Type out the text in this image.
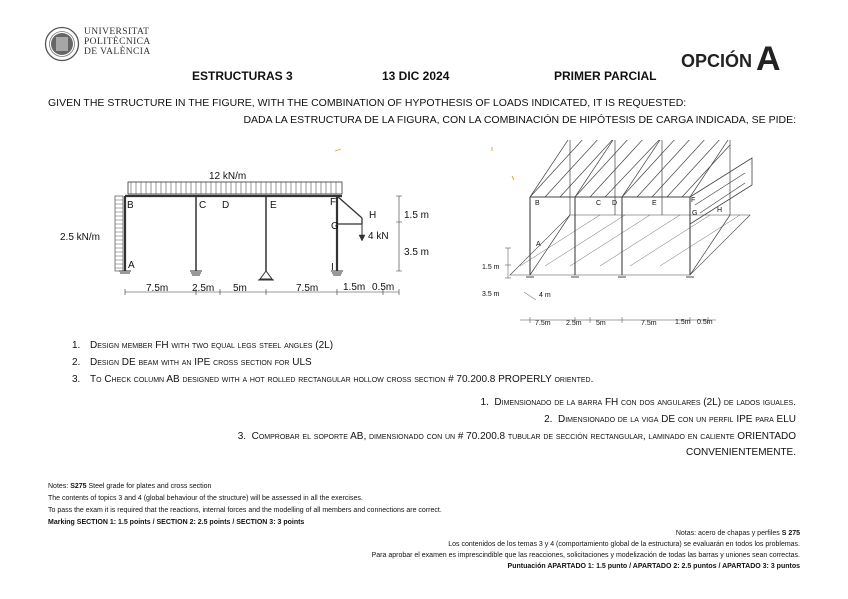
UNIVERSITAT
POLITÈCNICA
DE VALÈNCIA	OPCIÓN A
ESTRUCTURAS 3	13 DIC 2024	PRIMER PARCIAL
GIVEN THE STRUCTURE IN THE FIGURE, WITH THE COMBINATION OF HYPOTHESIS OF LOADS INDICATED, IT IS REQUESTED:
DADA LA ESTRUCTURA DE LA FIGURA, CON LA COMBINACIÓN DE HIPÓTESIS DE CARGA INDICADA, SE PIDE:
12 kN/m
2.5 kN/m	4 kN
1.5 m
3.5 m
B
A
C D	E	F
G
H
I
7.5m 2.5m 5m	7.5m 1.5m 0.5m
B
A
C D	E	F
G	H
1.5 m
3.5 m	4 m
7.5m 2.5m 5m	7.5m	1.5m 0.5m
1. Design member FH with two equal legs steel angles (2L)
2. Design DE beam with an IPE cross section for ULS
3. To Check column AB designed with a hot rolled rectangular hollow cross section # 70.200.8 PROPERLY oriented.
1. Dimensionado de la barra FH con dos angulares (2L) de lados iguales.
2. Dimensionado de la viga DE con un perfil IPE para ELU
3. Comprobar el soporte AB, dimensionado con un # 70.200.8 tubular de sección rectangular, laminado en caliente ORIENTADO
CONVENIENTEMENTE.
Notes: S275 Steel grade for plates and cross section
The contents of topics 3 and 4 (global behaviour of the structure) will be assessed in all the exercises.
To pass the exam it is required that the reactions, internal forces and the modelling of all members and connections are correct.
Marking SECTION 1: 1.5 points / SECTION 2: 2.5 points / SECTION 3: 3 points
Notas: acero de chapas y perfiles S 275
Los contenidos de los temas 3 y 4 (comportamiento global de la estructura) se evaluarán en todos los problemas.
Para aprobar el examen es imprescindible que las reacciones, solicitaciones y modelización de todas las barras y uniones sean correctas.
Puntuación APARTADO 1: 1.5 punto / APARTADO 2: 2.5 puntos / APARTADO 3: 3 puntos
